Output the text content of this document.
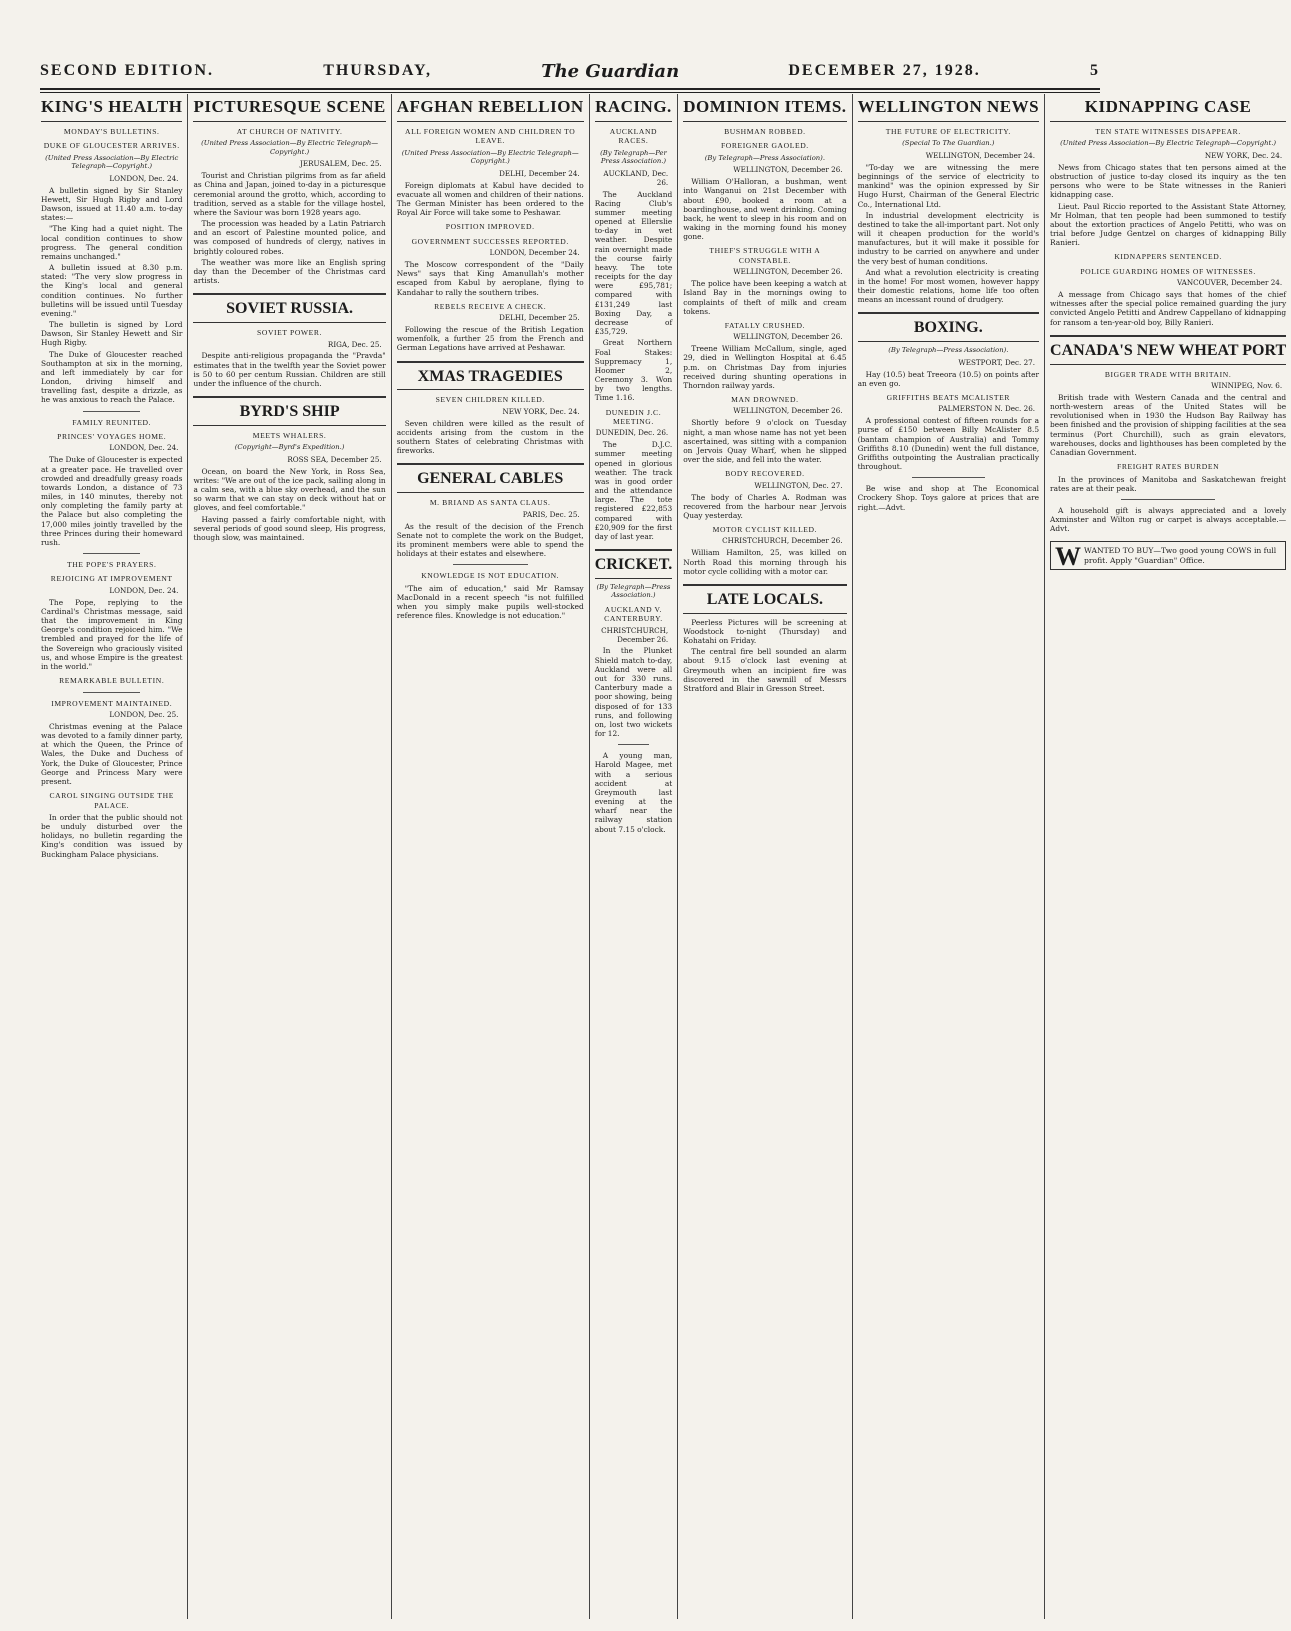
SECOND EDITION.	THURSDAY,	The Guardian	DECEMBER 27, 1928.	5
KING'S HEALTH
MONDAY'S BULLETINS.
DUKE OF GLOUCESTER ARRIVES.
(United Press Association—By Electric Telegraph—Copyright.)
LONDON, Dec. 24.

A bulletin signed by Sir Stanley Hewett, Sir Hugh Rigby and Lord Dawson, issued at 11.40 a.m. to-day states:—

"The King had a quiet night. The local condition continues to show progress. The general condition remains unchanged."

A bulletin issued at 8.30 p.m. stated: "The very slow progress in the King's local and general condition continues. No further bulletins will be issued until Tuesday evening."

The bulletin is signed by Lord Dawson, Sir Stanley Hewett and Sir Hugh Rigby.

The Duke of Gloucester reached Southampton at six in the morning, and left immediately by car for London, driving himself and travelling fast, despite a drizzle, as he was anxious to reach the Palace.

FAMILY REUNITED.
PRINCES' VOYAGES HOME.
LONDON, Dec. 24.

The Duke of Gloucester is expected at a greater pace. He travelled over crowded and dreadfully greasy roads towards London, a distance of 73 miles, in 140 minutes, thereby not only completing the family party at the Palace but also completing the 17,000 miles jointly travelled by the three Princes during their homeward rush.

THE POPE'S PRAYERS.
REJOICING AT IMPROVEMENT
LONDON, Dec. 24.

The Pope, replying to the Cardinal's Christmas message, said that the improvement in King George's condition rejoiced him. "We trembled and prayed for the life of the Sovereign who graciously visited us, and whose Empire is the greatest in the world."

REMARKABLE BULLETIN.
IMPROVEMENT MAINTAINED.
LONDON, Dec. 25.

Christmas evening at the Palace was devoted to a family dinner party, at which the Queen, the Prince of Wales, the Duke and Duchess of York, the Duke of Gloucester, Prince George and Princess Mary were present.

CAROL SINGING OUTSIDE THE PALACE.

In order that the public should not be unduly disturbed over the holidays, no bulletin regarding the King's condition was issued by Buckingham Palace physicians.

PICTURESQUE SCENE
AT CHURCH OF NATIVITY.
(United Press Association—By Electric Telegraph—Copyright.)
JERUSALEM, Dec. 25.

Tourist and Christian pilgrims from as far afield as China and Japan, joined to-day in a picturesque ceremonial around the grotto, which, according to tradition, served as a stable for the village hostel, where the Saviour was born 1928 years ago.

The procession was headed by a Latin Patriarch and an escort of Palestine mounted police, and was composed of hundreds of clergy, natives in brightly coloured robes.

The weather was more like an English spring day than the December of the Christmas card artists.

SOVIET RUSSIA.
SOVIET POWER.
RIGA, Dec. 25.

Despite anti-religious propaganda the "Pravda" estimates that in the twelfth year the Soviet power is 50 to 60 per centum Russian. Children are still under the influence of the church.

BYRD'S SHIP
MEETS WHALERS.
(Copyright—Byrd's Expedition.)
ROSS SEA, December 25.

Ocean, on board the New York, in Ross Sea, writes: "We are out of the ice pack, sailing along in a calm sea, with a blue sky overhead, and the sun so warm that we can stay on deck without hat or gloves, and feel comfortable."

Having passed a fairly comfortable night, with several periods of good sound sleep, His progress, though slow, was maintained.

AFGHAN REBELLION
ALL FOREIGN WOMEN AND CHILDREN TO LEAVE.
(United Press Association—By Electric Telegraph—Copyright.)
DELHI, December 24.

Foreign diplomats at Kabul have decided to evacuate all women and children of their nations. The German Minister has been ordered to the Royal Air Force will take some to Peshawar.

POSITION IMPROVED.
GOVERNMENT SUCCESSES REPORTED.
LONDON, December 24.

The Moscow correspondent of the "Daily News" says that King Amanullah's mother escaped from Kabul by aeroplane, flying to Kandahar to rally the southern tribes.

REBELS RECEIVE A CHECK.
DELHI, December 25.

Following the rescue of the British Legation womenfolk, a further 25 from the French and German Legations have arrived at Peshawar.

XMAS TRAGEDIES
SEVEN CHILDREN KILLED.
NEW YORK, Dec. 24.

Seven children were killed as the result of accidents arising from the custom in the southern States of celebrating Christmas with fireworks.

GENERAL CABLES
M. BRIAND AS SANTA CLAUS.
PARIS, Dec. 25.

As the result of the decision of the French Senate not to complete the work on the Budget, its prominent members were able to spend the holidays at their estates and elsewhere.

KNOWLEDGE IS NOT EDUCATION.

"The aim of education," said Mr Ramsay MacDonald in a recent speech "is not fulfilled when you simply make pupils well-stocked reference files. Knowledge is not education."

RACING.
AUCKLAND RACES.
(By Telegraph—Per Press Association.)
AUCKLAND, Dec. 26.

The Auckland Racing Club's summer meeting opened at Ellerslie to-day in wet weather. Despite rain overnight made the course fairly heavy. The tote receipts for the day were £95,781; compared with £131,249 last Boxing Day, a decrease of £35,729.

Great Northern Foal Stakes: Suppremacy 1, Hoomer 2, Ceremony 3. Won by two lengths. Time 1.16.

DUNEDIN J.C. MEETING.
DUNEDIN, Dec. 26.

The D.J.C. summer meeting opened in glorious weather. The track was in good order and the attendance large. The tote registered £22,853 compared with £20,909 for the first day of last year.

CRICKET.
(By Telegraph—Press Association.)
AUCKLAND V. CANTERBURY.
CHRISTCHURCH, December 26.

In the Plunket Shield match to-day, Auckland were all out for 330 runs. Canterbury made a poor showing, being disposed of for 133 runs, and following on, lost two wickets for 12.

A young man, Harold Magee, met with a serious accident at Greymouth last evening at the wharf near the railway station about 7.15 o'clock.

DOMINION ITEMS.
BUSHMAN ROBBED.
FOREIGNER GAOLED.
(By Telegraph—Press Association).
WELLINGTON, December 26.

William O'Halloran, a bushman, went into Wanganui on 21st December with about £90, booked a room at a boardinghouse, and went drinking. Coming back, he went to sleep in his room and on waking in the morning found his money gone.

THIEF'S STRUGGLE WITH A CONSTABLE.
WELLINGTON, December 26.

The police have been keeping a watch at Island Bay in the mornings owing to complaints of theft of milk and cream tokens.

FATALLY CRUSHED.
WELLINGTON, December 26.

Treene William McCallum, single, aged 29, died in Wellington Hospital at 6.45 p.m. on Christmas Day from injuries received during shunting operations in Thorndon railway yards.

MAN DROWNED.
WELLINGTON, December 26.

Shortly before 9 o'clock on Tuesday night, a man whose name has not yet been ascertained, was sitting with a companion on Jervois Quay Wharf, when he slipped over the side, and fell into the water.

BODY RECOVERED.
WELLINGTON, Dec. 27.

The body of Charles A. Rodman was recovered from the harbour near Jervois Quay yesterday.

MOTOR CYCLIST KILLED.
CHRISTCHURCH, December 26.

William Hamilton, 25, was killed on North Road this morning through his motor cycle colliding with a motor car.

LATE LOCALS.

Peerless Pictures will be screening at Woodstock to-night (Thursday) and Kohatahi on Friday.

The central fire bell sounded an alarm about 9.15 o'clock last evening at Greymouth when an incipient fire was discovered in the sawmill of Messrs Stratford and Blair in Gresson Street.

WELLINGTON NEWS
THE FUTURE OF ELECTRICITY.
(Special To The Guardian.)
WELLINGTON, December 24.

"To-day we are witnessing the mere beginnings of the service of electricity to mankind" was the opinion expressed by Sir Hugo Hurst, Chairman of the General Electric Co., International Ltd.

In industrial development electricity is destined to take the all-important part. Not only will it cheapen production for the world's manufactures, but it will make it possible for industry to be carried on anywhere and under the very best of human conditions.

And what a revolution electricity is creating in the home! For most women, however happy their domestic relations, home life too often means an incessant round of drudgery.

BOXING.
(By Telegraph—Press Association).
WESTPORT, Dec. 27.

Hay (10.5) beat Treeora (10.5) on points after an even go.

GRIFFITHS BEATS MCALISTER
PALMERSTON N. Dec. 26.

A professional contest of fifteen rounds for a purse of £150 between Billy McAlister 8.5 (bantam champion of Australia) and Tommy Griffiths 8.10 (Dunedin) went the full distance, Griffiths outpointing the Australian practically throughout.

Be wise and shop at The Economical Crockery Shop. Toys galore at prices that are right.—Advt.

KIDNAPPING CASE
TEN STATE WITNESSES DISAPPEAR.
(United Press Association—By Electric Telegraph—Copyright.)
NEW YORK, Dec. 24.

News from Chicago states that ten persons aimed at the obstruction of justice to-day closed its inquiry as the ten persons who were to be State witnesses in the Ranieri kidnapping case.

Lieut. Paul Riccio reported to the Assistant State Attorney, Mr Holman, that ten people had been summoned to testify about the extortion practices of Angelo Petitti, who was on trial before Judge Gentzel on charges of kidnapping Billy Ranieri.

KIDNAPPERS SENTENCED.
POLICE GUARDING HOMES OF WITNESSES.
VANCOUVER, December 24.

A message from Chicago says that homes of the chief witnesses after the special police remained guarding the jury convicted Angelo Petitti and Andrew Cappellano of kidnapping for ransom a ten-year-old boy, Billy Ranieri.

CANADA'S NEW WHEAT PORT
BIGGER TRADE WITH BRITAIN.
WINNIPEG, Nov. 6.

British trade with Western Canada and the central and north-western areas of the United States will be revolutionised when in 1930 the Hudson Bay Railway has been finished and the provision of shipping facilities at the sea terminus (Port Churchill), such as grain elevators, warehouses, docks and lighthouses has been completed by the Canadian Government.

FREIGHT RATES BURDEN

In the provinces of Manitoba and Saskatchewan freight rates are at their peak.

A household gift is always appreciated and a lovely Axminster and Wilton rug or carpet is always acceptable.—Advt.

W WANTED TO BUY—Two good young COWS in full profit. Apply "Guardian" Office.
